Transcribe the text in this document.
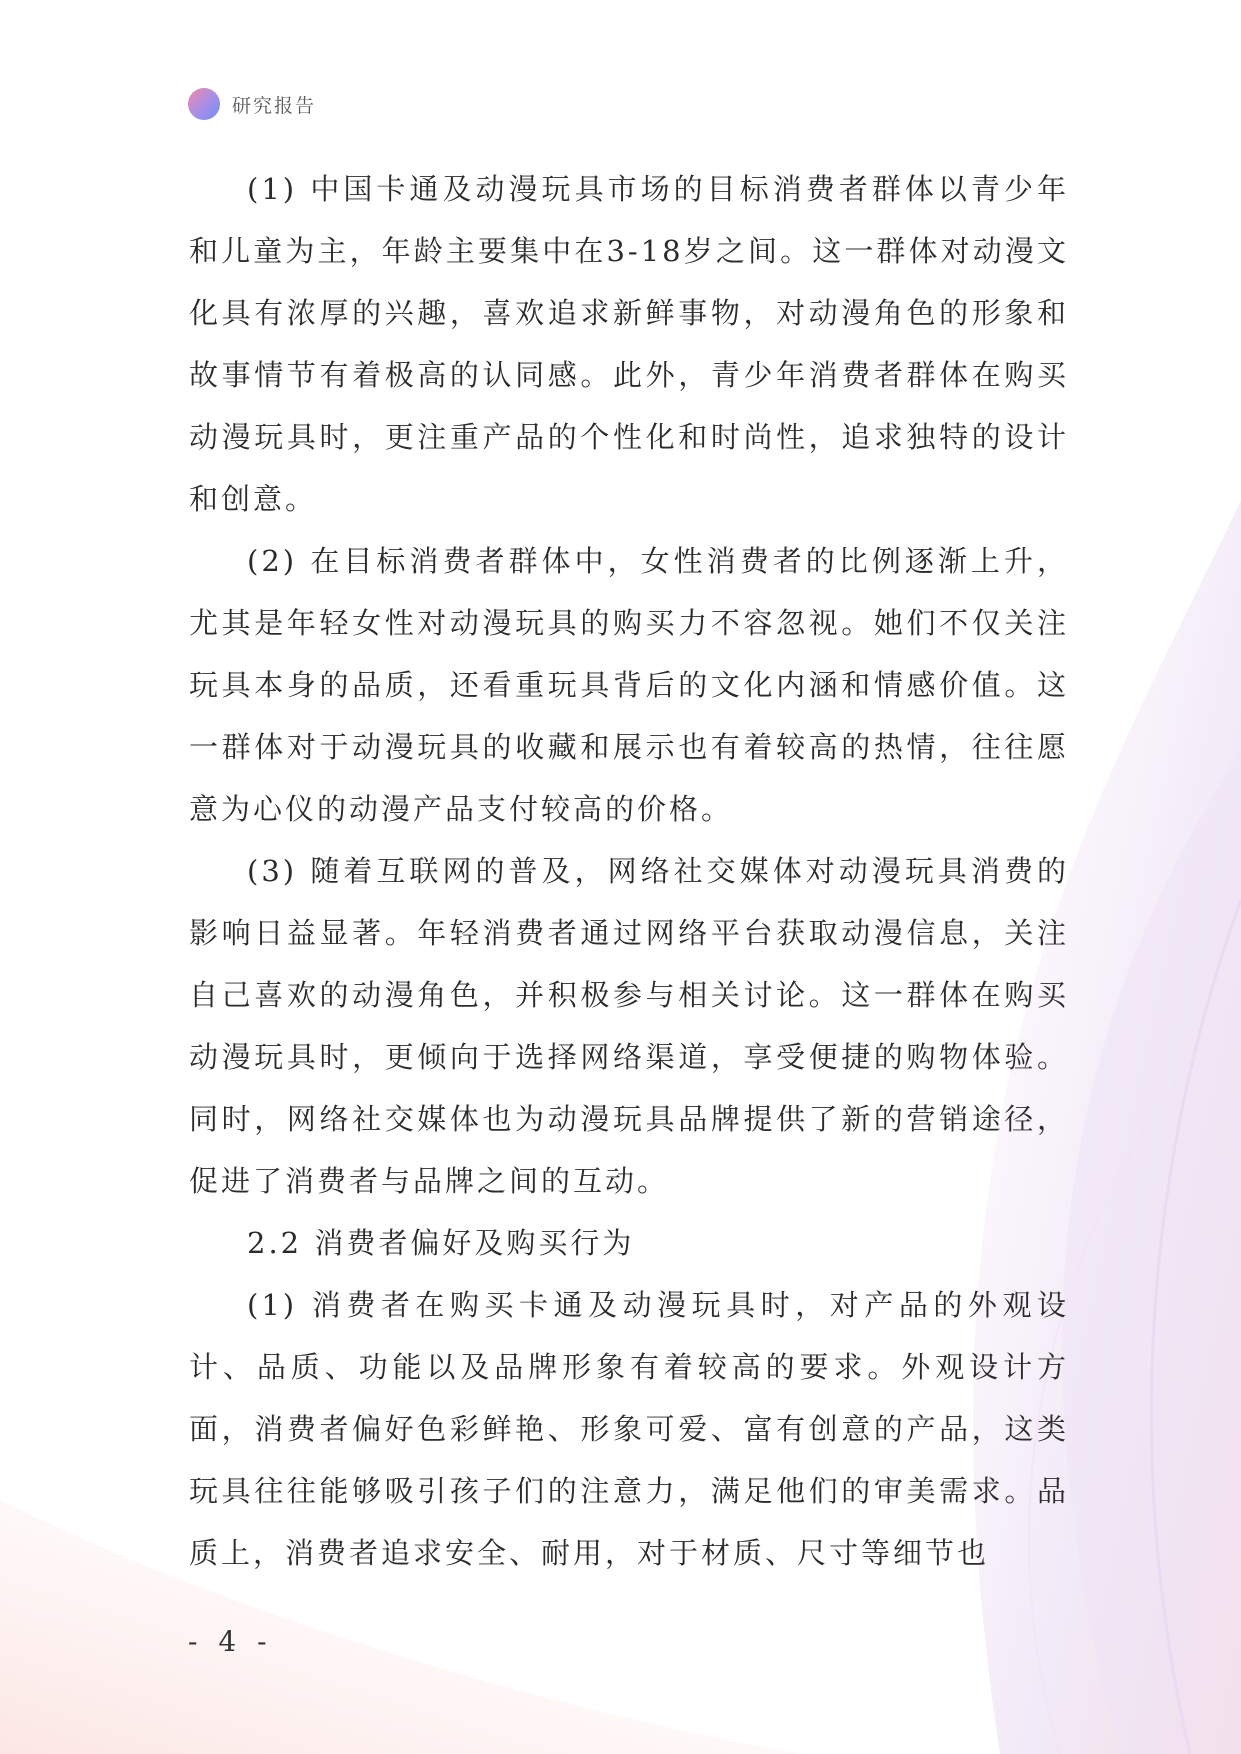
研究报告

(1) 中国卡通及动漫玩具市场的目标消费者群体以青少年和儿童为主，年龄主要集中在3-18岁之间。这一群体对动漫文化具有浓厚的兴趣，喜欢追求新鲜事物，对动漫角色的形象和故事情节有着极高的认同感。此外，青少年消费者群体在购买动漫玩具时，更注重产品的个性化和时尚性，追求独特的设计和创意。

(2) 在目标消费者群体中，女性消费者的比例逐渐上升，尤其是年轻女性对动漫玩具的购买力不容忽视。她们不仅关注玩具本身的品质，还看重玩具背后的文化内涵和情感价值。这一群体对于动漫玩具的收藏和展示也有着较高的热情，往往愿意为心仪的动漫产品支付较高的价格。

(3) 随着互联网的普及，网络社交媒体对动漫玩具消费的影响日益显著。年轻消费者通过网络平台获取动漫信息，关注自己喜欢的动漫角色，并积极参与相关讨论。这一群体在购买动漫玩具时，更倾向于选择网络渠道，享受便捷的购物体验。同时，网络社交媒体也为动漫玩具品牌提供了新的营销途径，促进了消费者与品牌之间的互动。

2.2 消费者偏好及购买行为

(1) 消费者在购买卡通及动漫玩具时，对产品的外观设计、品质、功能以及品牌形象有着较高的要求。外观设计方面，消费者偏好色彩鲜艳、形象可爱、富有创意的产品，这类玩具往往能够吸引孩子们的注意力，满足他们的审美需求。品质上，消费者追求安全、耐用，对于材质、尺寸等细节也

- 4 -
